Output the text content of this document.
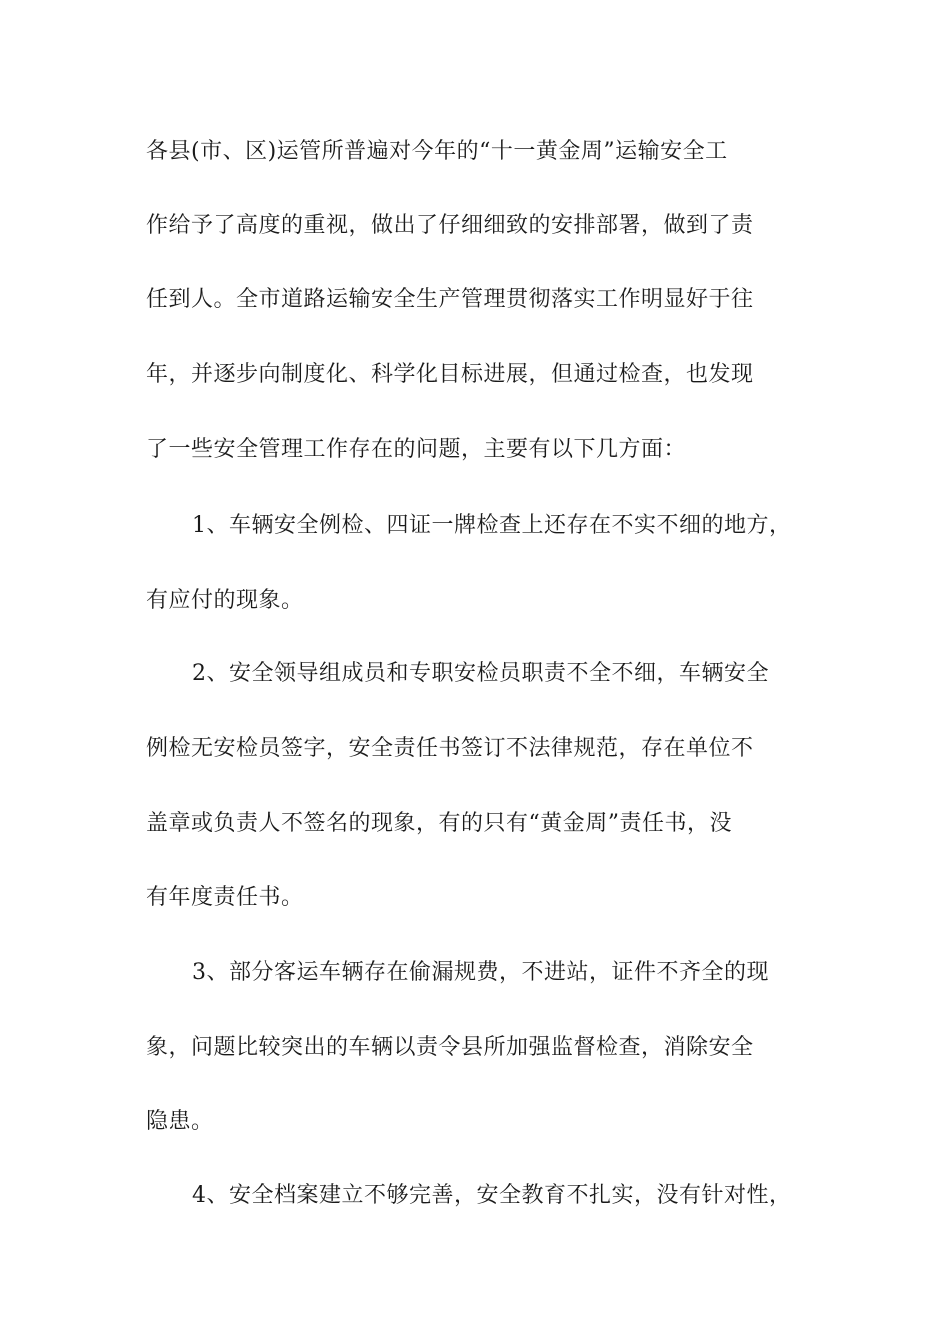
各县(市、区)运管所普遍对今年的“十一黄金周”运输安全工
作给予了高度的重视，做出了仔细细致的安排部署，做到了责
任到人。全市道路运输安全生产管理贯彻落实工作明显好于往
年，并逐步向制度化、科学化目标进展，但通过检查，也发现
了一些安全管理工作存在的问题，主要有以下几方面：
1、车辆安全例检、四证一牌检查上还存在不实不细的地方，
有应付的现象。
2、安全领导组成员和专职安检员职责不全不细，车辆安全
例检无安检员签字，安全责任书签订不法律规范，存在单位不
盖章或负责人不签名的现象，有的只有“黄金周”责任书，没
有年度责任书。
3、部分客运车辆存在偷漏规费，不进站，证件不齐全的现
象，问题比较突出的车辆以责令县所加强监督检查，消除安全
隐患。
4、安全档案建立不够完善，安全教育不扎实，没有针对性，
